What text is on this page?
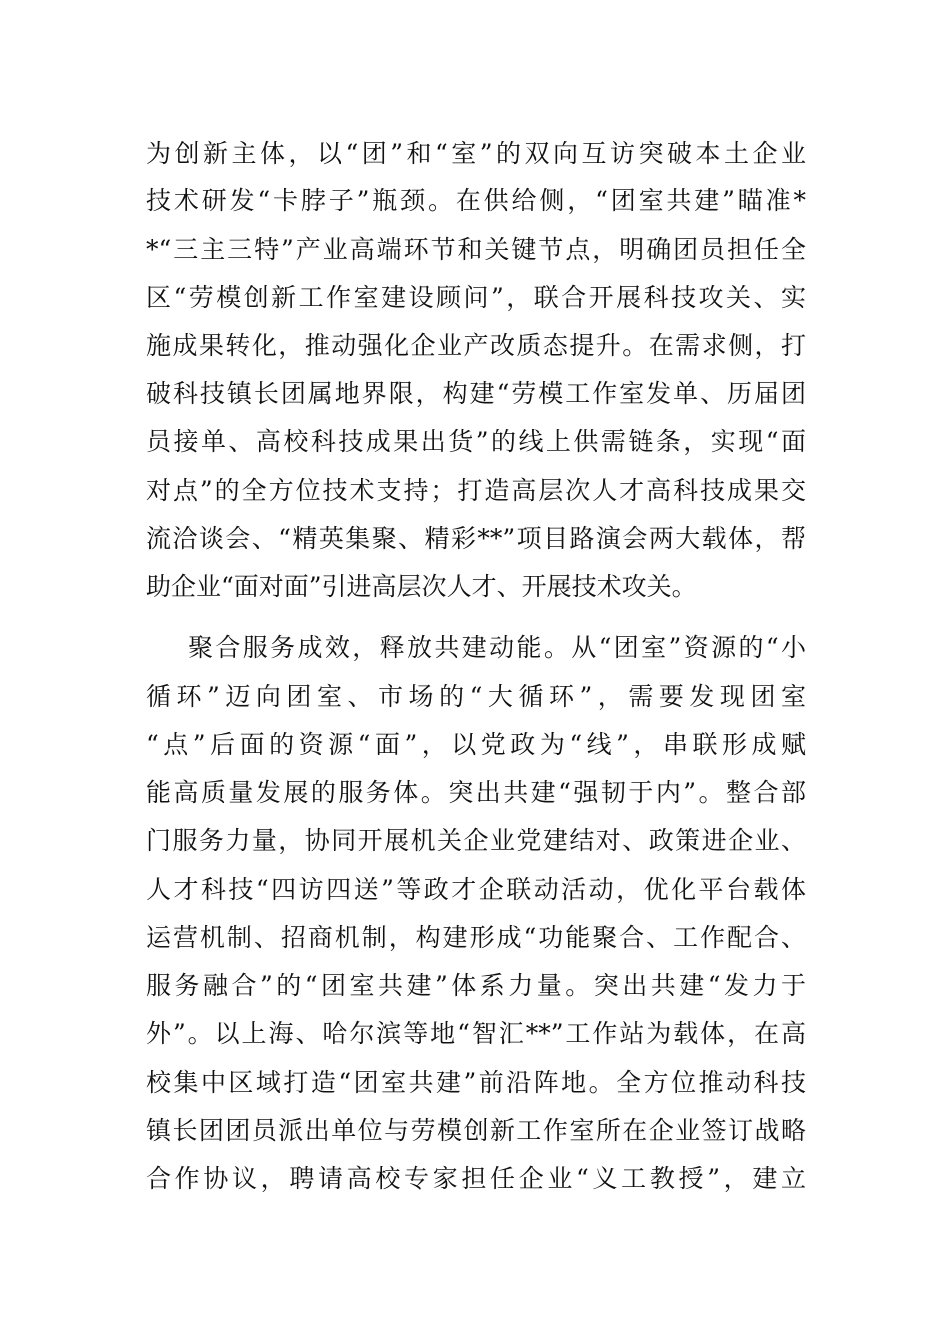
为创新主体，以“团”和“室”的双向互访突破本土企业
技术研发“卡脖子”瓶颈。在供给侧，“团室共建”瞄准*
*“三主三特”产业高端环节和关键节点，明确团员担任全
区“劳模创新工作室建设顾问”，联合开展科技攻关、实
施成果转化，推动强化企业产改质态提升。在需求侧，打
破科技镇长团属地界限，构建“劳模工作室发单、历届团
员接单、高校科技成果出货”的线上供需链条，实现“面
对点”的全方位技术支持；打造高层次人才高科技成果交
流洽谈会、“精英集聚、精彩**”项目路演会两大载体，帮
助企业“面对面”引进高层次人才、开展技术攻关。
聚合服务成效，释放共建动能。从“团室”资源的“小
循环”迈向团室、市场的“大循环”，需要发现团室
“点”后面的资源“面”，以党政为“线”，串联形成赋
能高质量发展的服务体。突出共建“强韧于内”。整合部
门服务力量，协同开展机关企业党建结对、政策进企业、
人才科技“四访四送”等政才企联动活动，优化平台载体
运营机制、招商机制，构建形成“功能聚合、工作配合、
服务融合”的“团室共建”体系力量。突出共建“发力于
外”。以上海、哈尔滨等地“智汇**”工作站为载体，在高
校集中区域打造“团室共建”前沿阵地。全方位推动科技
镇长团团员派出单位与劳模创新工作室所在企业签订战略
合作协议，聘请高校专家担任企业“义工教授”，建立
